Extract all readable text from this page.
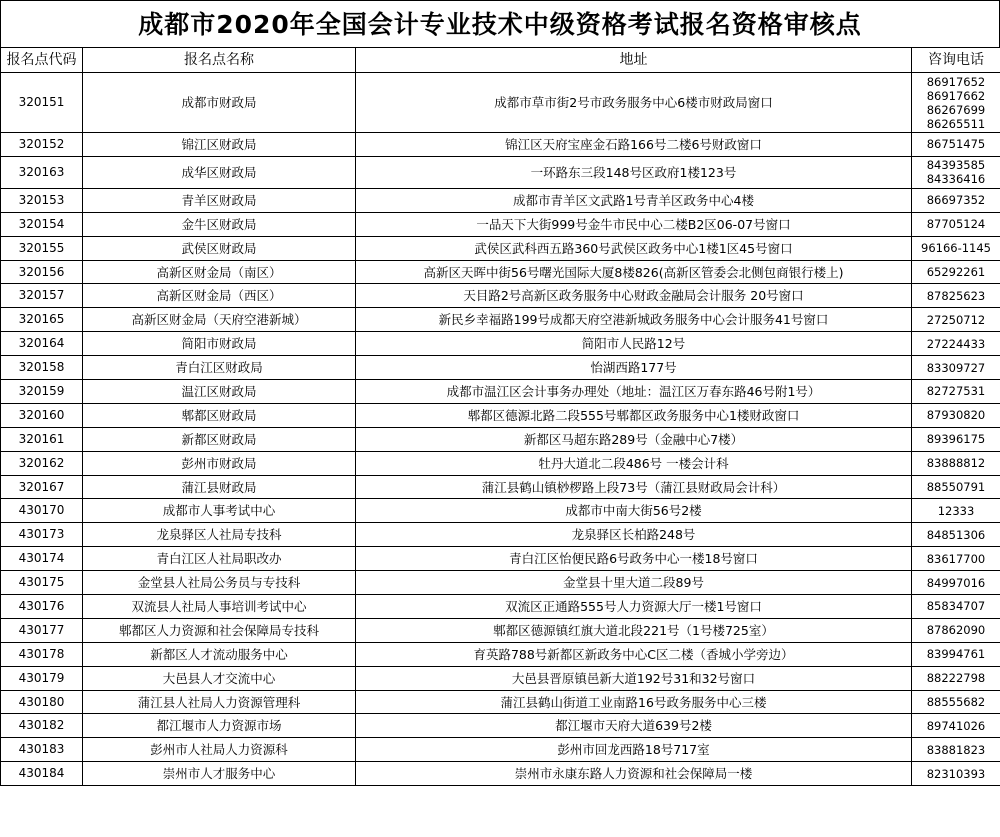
成都市2020年全国会计专业技术中级资格考试报名资格审核点
报名点代码	报名点名称	地址	咨询电话
320151	成都市财政局	成都市草市街2号市政务服务中心6楼市财政局窗口	86917652
86917662
86267699
86265511

320152	锦江区财政局	锦江区天府宝座金石路166号二楼6号财政窗口	86751475

320163	成华区财政局	一环路东三段148号区政府1楼123号	84393585
84336416

320153	青羊区财政局	成都市青羊区文武路1号青羊区政务中心4楼	86697352

320154	金牛区财政局	一品天下大街999号金牛市民中心二楼B2区06-07号窗口	87705124

320155	武侯区财政局	武侯区武科西五路360号武侯区政务中心1楼1区45号窗口	96166-1145

320156	高新区财金局（南区）	高新区天晖中街56号曙光国际大厦8楼826(高新区管委会北侧包商银行楼上)	65292261

320157	高新区财金局（西区）	天目路2号高新区政务服务中心财政金融局会计服务 20号窗口	87825623

320165	高新区财金局（天府空港新城）	新民乡幸福路199号成都天府空港新城政务服务中心会计服务41号窗口	27250712

320164	简阳市财政局	简阳市人民路12号	27224433

320158	青白江区财政局	怡湖西路177号	83309727

320159	温江区财政局	成都市温江区会计事务办理处（地址：温江区万春东路46号附1号）	82727531

320160	郫都区财政局	郫都区德源北路二段555号郫都区政务服务中心1楼财政窗口	87930820

320161	新都区财政局	新都区马超东路289号（金融中心7楼）	89396175

320162	彭州市财政局	牡丹大道北二段486号 一楼会计科	83888812

320167	蒲江县财政局	蒲江县鹤山镇桫椤路上段73号（蒲江县财政局会计科）	88550791

430170	成都市人事考试中心	成都市中南大街56号2楼	12333

430173	龙泉驿区人社局专技科	龙泉驿区长柏路248号	84851306

430174	青白江区人社局职改办	青白江区怡便民路6号政务中心一楼18号窗口	83617700

430175	金堂县人社局公务员与专技科	金堂县十里大道二段89号	84997016

430176	双流县人社局人事培训考试中心	双流区正通路555号人力资源大厅一楼1号窗口	85834707

430177	郫都区人力资源和社会保障局专技科	郫都区德源镇红旗大道北段221号（1号楼725室）	87862090

430178	新都区人才流动服务中心	育英路788号新都区新政务中心C区二楼（香城小学旁边）	83994761

430179	大邑县人才交流中心	大邑县晋原镇邑新大道192号31和32号窗口	88222798

430180	蒲江县人社局人力资源管理科	蒲江县鹤山街道工业南路16号政务服务中心三楼	88555682

430182	都江堰市人力资源市场	都江堰市天府大道639号2楼	89741026

430183	彭州市人社局人力资源科	彭州市回龙西路18号717室	83881823

430184	崇州市人才服务中心	崇州市永康东路人力资源和社会保障局一楼	82310393
